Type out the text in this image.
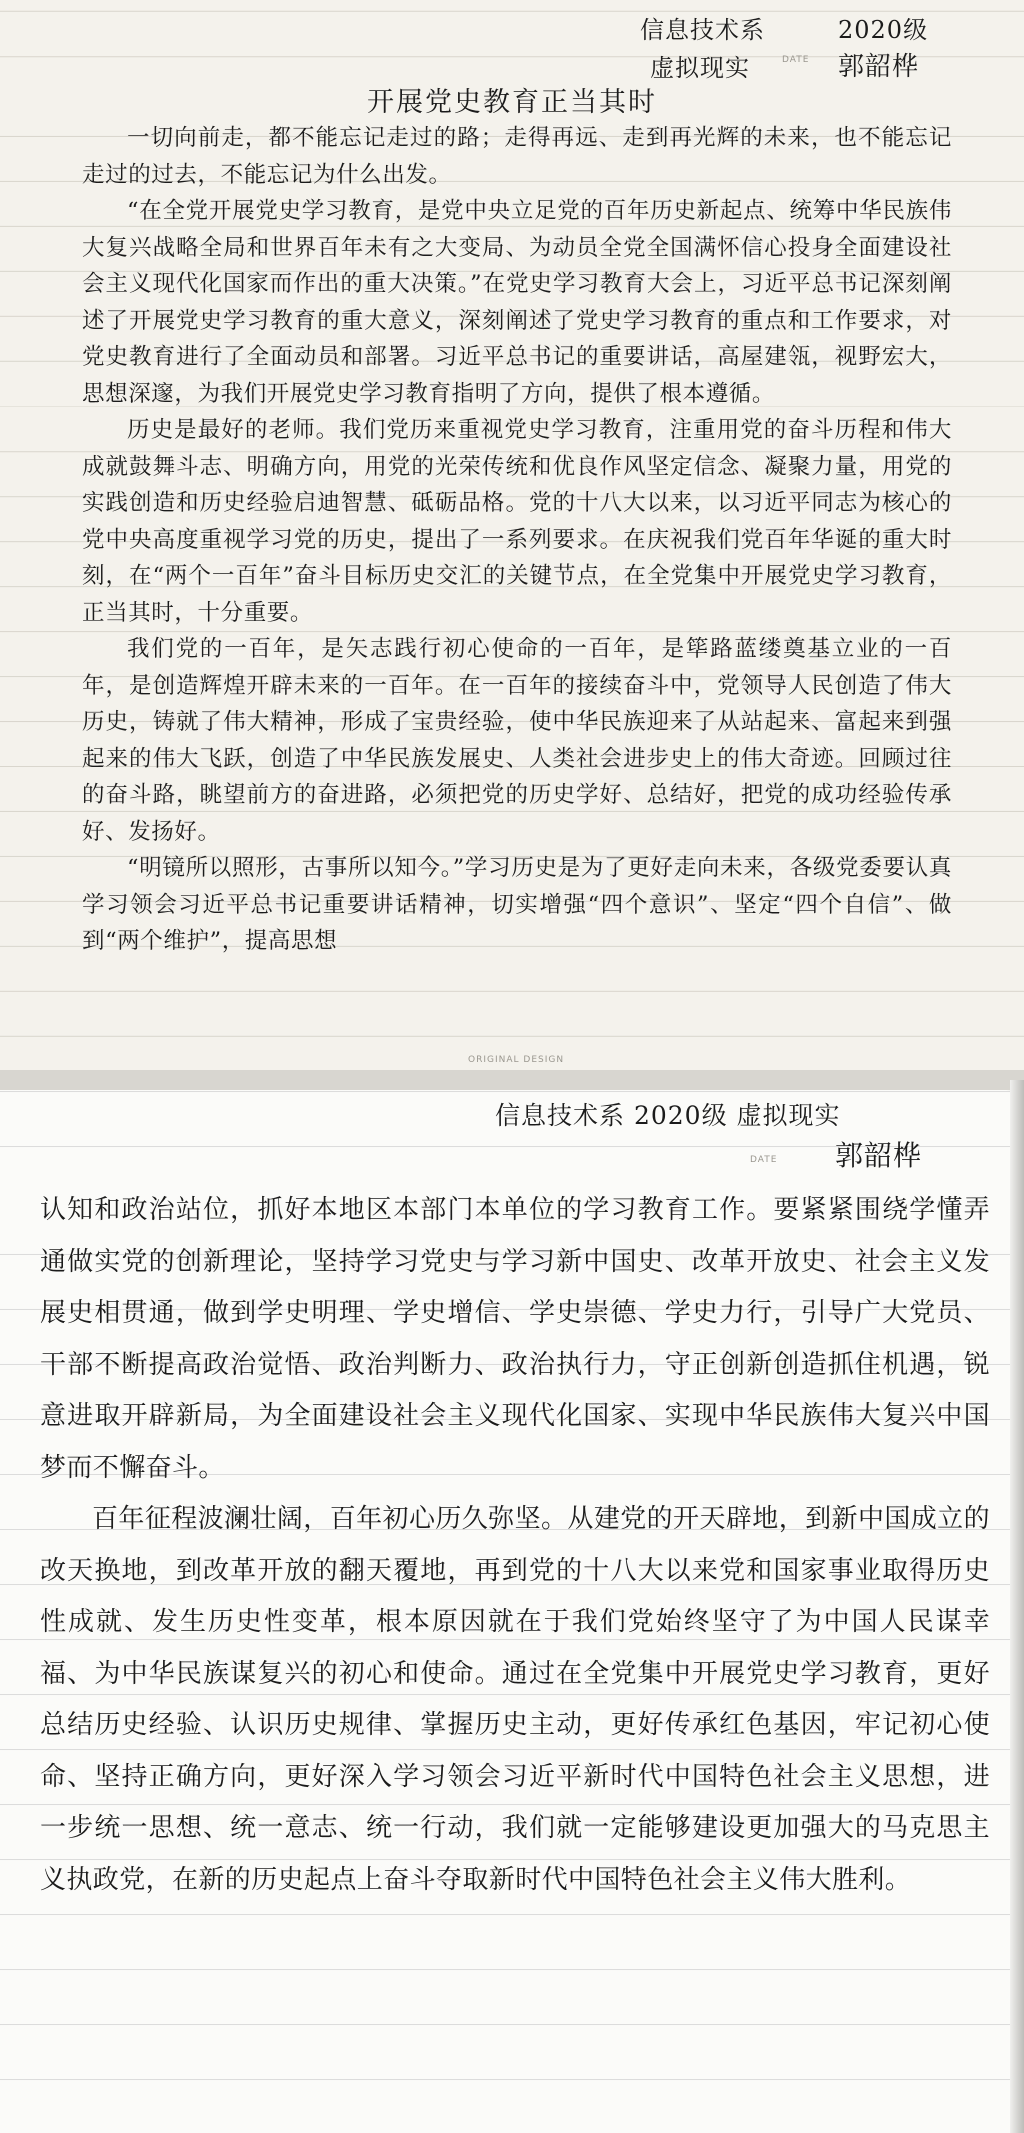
信息技术系	2020级
虚拟现实	DATE 郭韶桦
开展党史教育正当其时

一切向前走，都不能忘记走过的路；走得再远、走到再光辉的未来，也不能忘记走过的过去，不能忘记为什么出发。

“在全党开展党史学习教育，是党中央立足党的百年历史新起点、统筹中华民族伟大复兴战略全局和世界百年未有之大变局、为动员全党全国满怀信心投身全面建设社会主义现代化国家而作出的重大决策。”在党史学习教育大会上，习近平总书记深刻阐述了开展党史学习教育的重大意义，深刻阐述了党史学习教育的重点和工作要求，对党史教育进行了全面动员和部署。习近平总书记的重要讲话，高屋建瓴，视野宏大，思想深邃，为我们开展党史学习教育指明了方向，提供了根本遵循。

历史是最好的老师。我们党历来重视党史学习教育，注重用党的奋斗历程和伟大成就鼓舞斗志、明确方向，用党的光荣传统和优良作风坚定信念、凝聚力量，用党的实践创造和历史经验启迪智慧、砥砺品格。党的十八大以来，以习近平同志为核心的党中央高度重视学习党的历史，提出了一系列要求。在庆祝我们党百年华诞的重大时刻，在“两个一百年”奋斗目标历史交汇的关键节点，在全党集中开展党史学习教育，正当其时，十分重要。

我们党的一百年，是矢志践行初心使命的一百年，是筚路蓝缕奠基立业的一百年，是创造辉煌开辟未来的一百年。在一百年的接续奋斗中，党领导人民创造了伟大历史，铸就了伟大精神，形成了宝贵经验，使中华民族迎来了从站起来、富起来到强起来的伟大飞跃，创造了中华民族发展史、人类社会进步史上的伟大奇迹。回顾过往的奋斗路，眺望前方的奋进路，必须把党的历史学好、总结好，把党的成功经验传承好、发扬好。

“明镜所以照形，古事所以知今。”学习历史是为了更好走向未来，各级党委要认真学习领会习近平总书记重要讲话精神，切实增强“四个意识”、坚定“四个自信”、做到“两个维护”，提高思想

ORIGINAL DESIGN
信息技术系 2020级 虚拟现实
DATE 郭韶桦

认知和政治站位，抓好本地区本部门本单位的学习教育工作。要紧紧围绕学懂弄通做实党的创新理论，坚持学习党史与学习新中国史、改革开放史、社会主义发展史相贯通，做到学史明理、学史增信、学史崇德、学史力行，引导广大党员、干部不断提高政治觉悟、政治判断力、政治执行力，守正创新创造抓住机遇，锐意进取开辟新局，为全面建设社会主义现代化国家、实现中华民族伟大复兴中国梦而不懈奋斗。

百年征程波澜壮阔，百年初心历久弥坚。从建党的开天辟地，到新中国成立的改天换地，到改革开放的翻天覆地，再到党的十八大以来党和国家事业取得历史性成就、发生历史性变革，根本原因就在于我们党始终坚守了为中国人民谋幸福、为中华民族谋复兴的初心和使命。通过在全党集中开展党史学习教育，更好总结历史经验、认识历史规律、掌握历史主动，更好传承红色基因，牢记初心使命、坚持正确方向，更好深入学习领会习近平新时代中国特色社会主义思想，进一步统一思想、统一意志、统一行动，我们就一定能够建设更加强大的马克思主义执政党，在新的历史起点上奋斗夺取新时代中国特色社会主义伟大胜利。
